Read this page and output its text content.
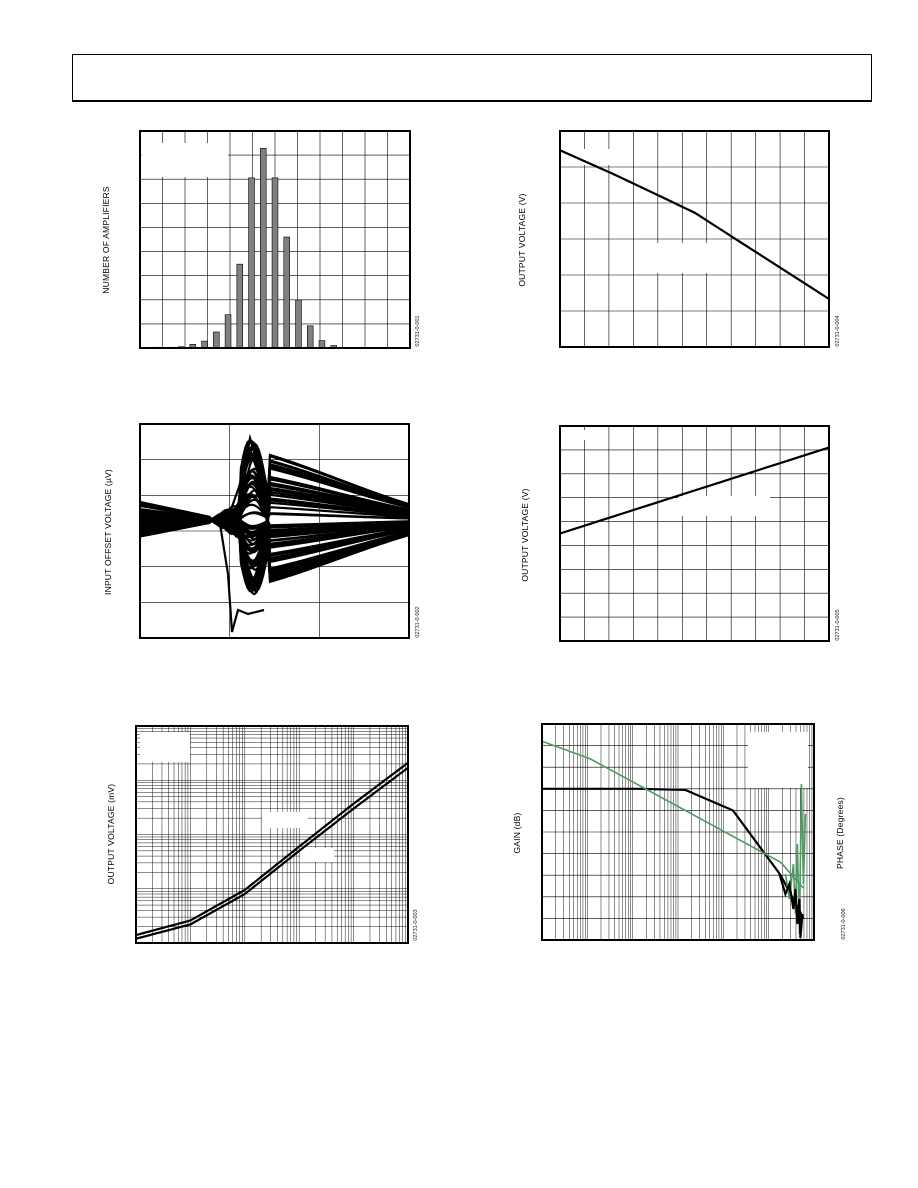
NUMBER OF AMPLIFIERS
02731-0-001
OUTPUT VOLTAGE (V)
02731-0-004
INPUT OFFSET VOLTAGE (µV)
02731-0-002
OUTPUT VOLTAGE (V)
02731-0-005
OUTPUT VOLTAGE (mV)
02731-0-003
GAIN (dB)	PHASE (Degrees)
02731-0-006
